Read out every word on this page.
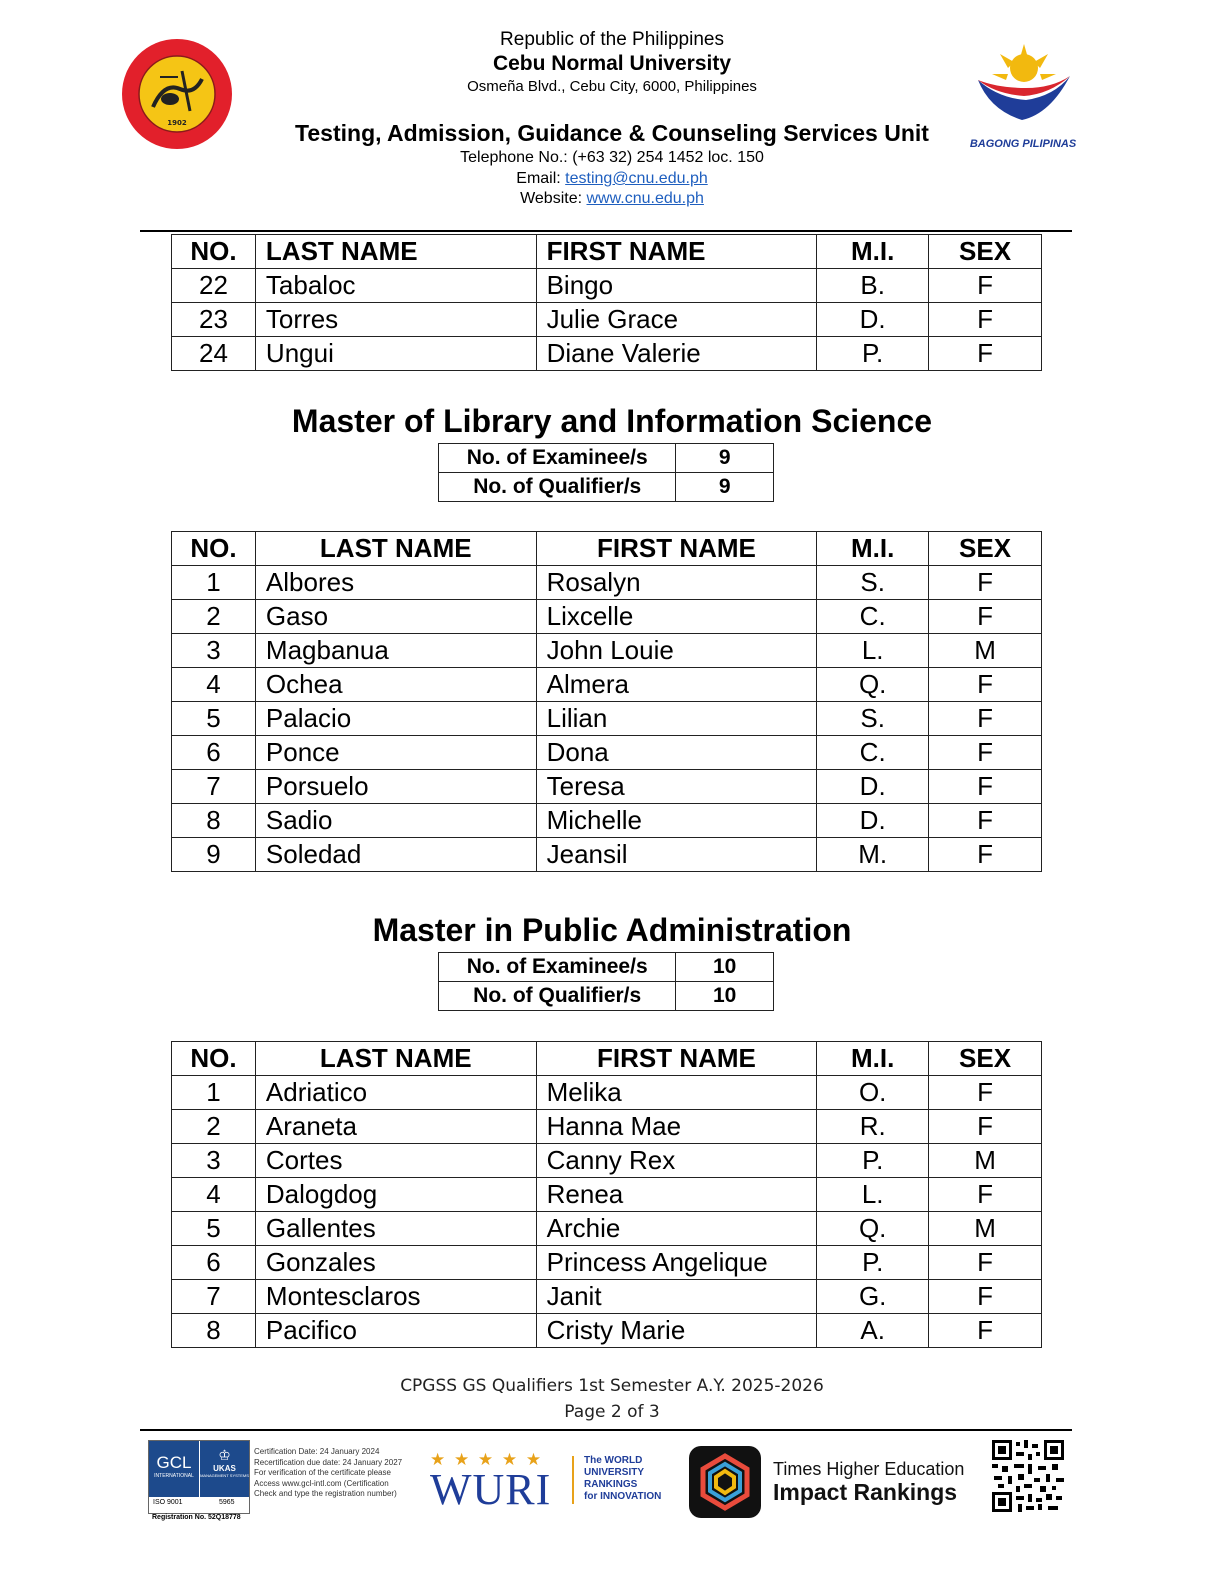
1902
BAGONG PILIPINAS
Republic of the Philippines
Cebu Normal University
Osmeña Blvd., Cebu City, 6000, Philippines
Testing, Admission, Guidance & Counseling Services Unit
Telephone No.: (+63 32) 254 1452 loc. 150
Email: testing@cnu.edu.ph
Website: www.cnu.edu.ph
NO.	LAST NAME	FIRST NAME	M.I.	SEX
22	Tabaloc	Bingo	B.	F
23	Torres	Julie Grace	D.	F
24	Ungui	Diane Valerie	P.	F
Master of Library and Information Science
No. of Examinee/s	9
No. of Qualifier/s	9
NO.	LAST NAME	FIRST NAME	M.I.	SEX
1	Albores	Rosalyn	S.	F
2	Gaso	Lixcelle	C.	F
3	Magbanua	John Louie	L.	M
4	Ochea	Almera	Q.	F
5	Palacio	Lilian	S.	F
6	Ponce	Dona	C.	F
7	Porsuelo	Teresa	D.	F
8	Sadio	Michelle	D.	F
9	Soledad	Jeansil	M.	F
Master in Public Administration
No. of Examinee/s	10
No. of Qualifier/s	10
NO.	LAST NAME	FIRST NAME	M.I.	SEX
1	Adriatico	Melika	O.	F
2	Araneta	Hanna Mae	R.	F
3	Cortes	Canny Rex	P.	M
4	Dalogdog	Renea	L.	F
5	Gallentes	Archie	Q.	M
6	Gonzales	Princess Angelique	P.	F
7	Montesclaros	Janit	G.	F
8	Pacifico	Cristy Marie	A.	F
CPGSS GS Qualifiers 1st Semester A.Y. 2025-2026
Page 2 of 3
GCL
INTERNATIONAL
♔
UKAS
MANAGEMENT SYSTEMS
ISO 9001	5965
Registration No. 52Q18778
Certification Date: 24 January 2024
Recertification due date: 24 January 2027
For verification of the certificate please
Access www.gcl-intl.com (Certification
Check and type the registration number)
★ ★ ★ ★ ★
WURI
The WORLD
UNIVERSITY
RANKINGS
for INNOVATION
Times Higher Education
Impact Rankings
